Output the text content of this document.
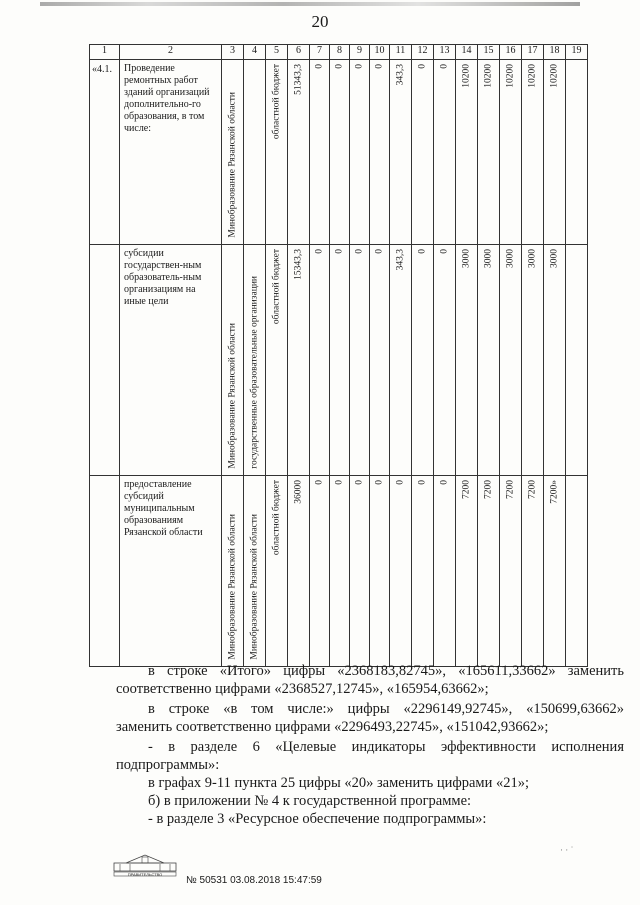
20
1	2	3	4	5	6	7	8	9	10	11	12	13	14	15	16	17	18	19

«4.1.	Проведение ремонтных работ зданий организаций дополнительно-го образования, в том числе:	Минобразование Рязанской области		областной бюджет	51343,3	0	0	0	0	343,3	0	0	10200	10200	10200	10200	10200	

	субсидии государствен-ным образователь-ным организациям на иные цели	Минобразование Рязанской области	государственные образовательные организации	областной бюджет	15343,3	0	0	0	0	343,3	0	0	3000	3000	3000	3000	3000	

	предоставление субсидий муниципальным образованиям Рязанской области	Минобразование Рязанской области	Минобразование Рязанской области	областной бюджет	36000	0	0	0	0	0	0	0	7200	7200	7200	7200	7200»	

в строке «Итого» цифры «2368183,82745», «165611,33662» заменить
соответственно цифрами «2368527,12745», «165954,63662»;
в строке «в том числе:» цифры «2296149,92745», «150699,63662»
заменить соответственно цифрами «2296493,22745», «151042,93662»;
- в разделе 6 «Целевые индикаторы эффективности исполнения
подпрограммы»:
в графах 9-11 пункта 25 цифры «20» заменить цифрами «21»;
б) в приложении № 4 к государственной программе:
- в разделе 3 «Ресурсное обеспечение подпрограммы»:
ПРАВИТЕЛЬСТВО
№ 50531 03.08.2018 15:47:59
· · ˙
